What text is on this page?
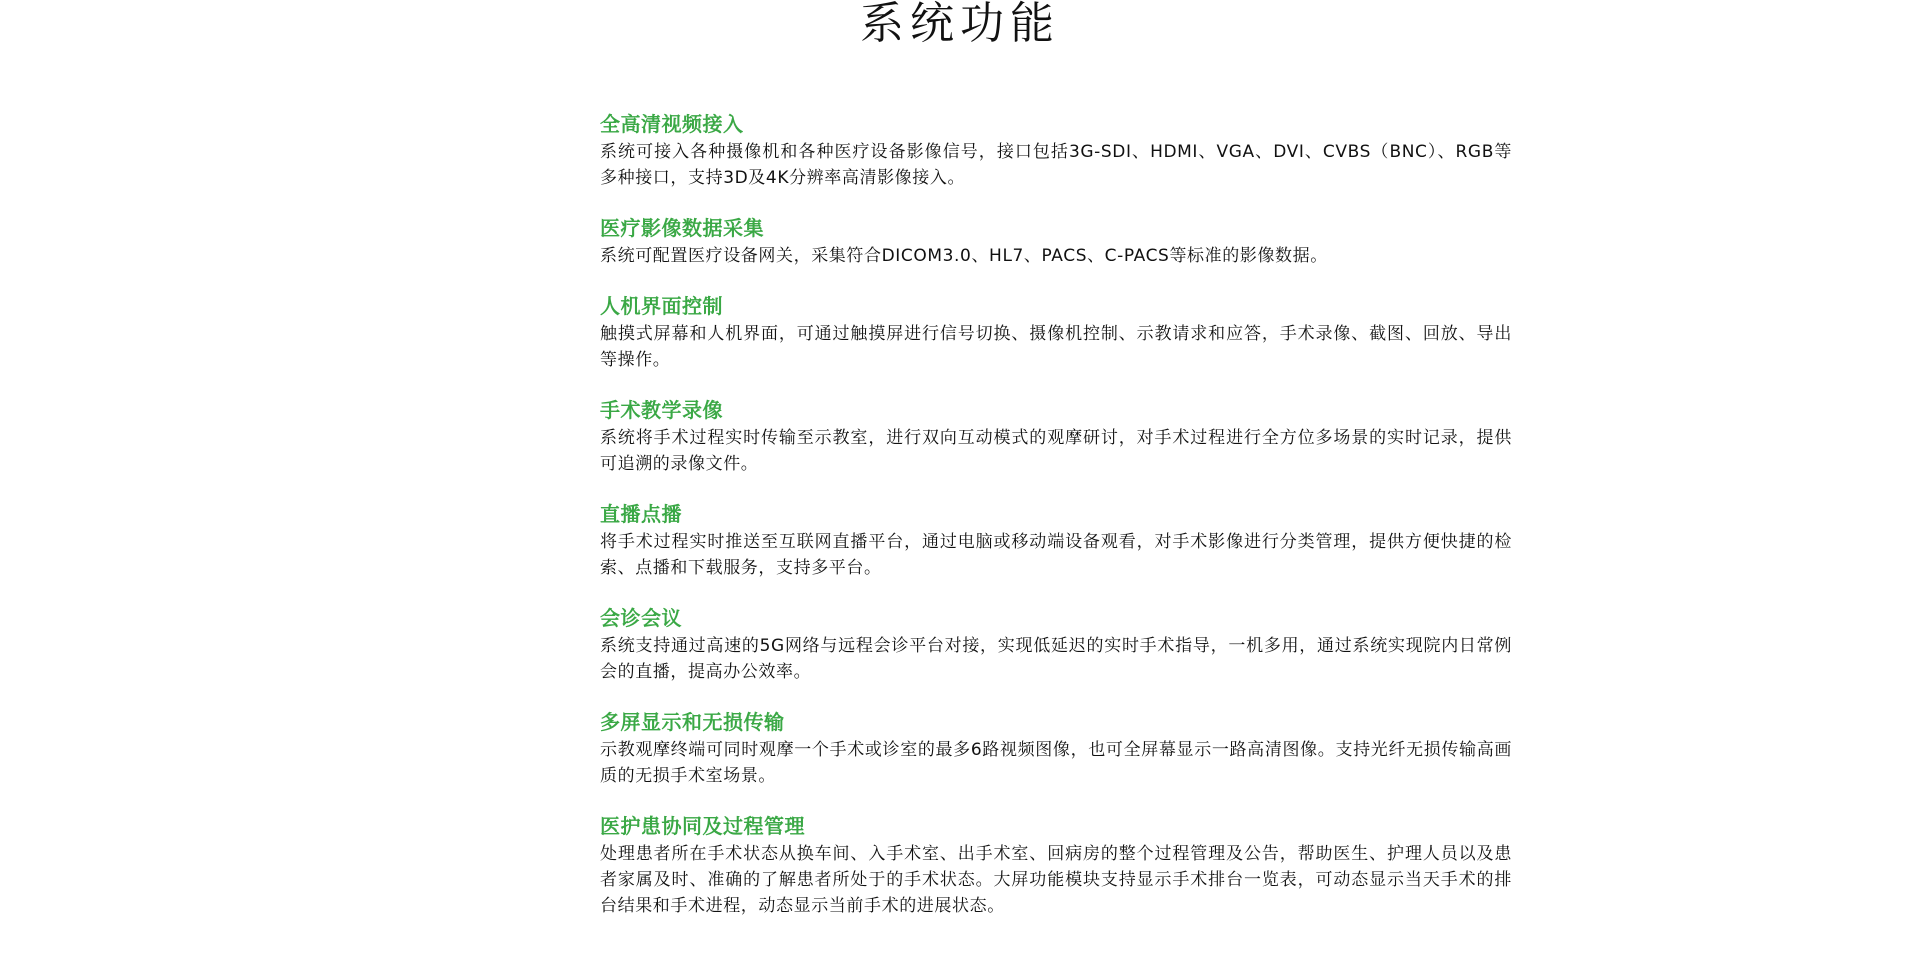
系统功能
全高清视频接入

系统可接入各种摄像机和各种医疗设备影像信号，接口包括3G-SDI、HDMI、VGA、DVI、CVBS（BNC）、RGB等多种接口，支持3D及4K分辨率高清影像接入。

医疗影像数据采集

系统可配置医疗设备网关，采集符合DICOM3.0、HL7、PACS、C-PACS等标准的影像数据。

人机界面控制

触摸式屏幕和人机界面，可通过触摸屏进行信号切换、摄像机控制、示教请求和应答，手术录像、截图、回放、导出等操作。

手术教学录像

系统将手术过程实时传输至示教室，进行双向互动模式的观摩研讨，对手术过程进行全方位多场景的实时记录，提供可追溯的录像文件。

直播点播

将手术过程实时推送至互联网直播平台，通过电脑或移动端设备观看，对手术影像进行分类管理，提供方便快捷的检索、点播和下载服务，支持多平台。

会诊会议

系统支持通过高速的5G网络与远程会诊平台对接，实现低延迟的实时手术指导，一机多用，通过系统实现院内日常例会的直播，提高办公效率。

多屏显示和无损传输

示教观摩终端可同时观摩一个手术或诊室的最多6路视频图像，也可全屏幕显示一路高清图像。支持光纤无损传输高画质的无损手术室场景。

医护患协同及过程管理

处理患者所在手术状态从换车间、入手术室、出手术室、回病房的整个过程管理及公告，帮助医生、护理人员以及患者家属及时、准确的了解患者所处于的手术状态。大屏功能模块支持显示手术排台一览表，可动态显示当天手术的排台结果和手术进程，动态显示当前手术的进展状态。
